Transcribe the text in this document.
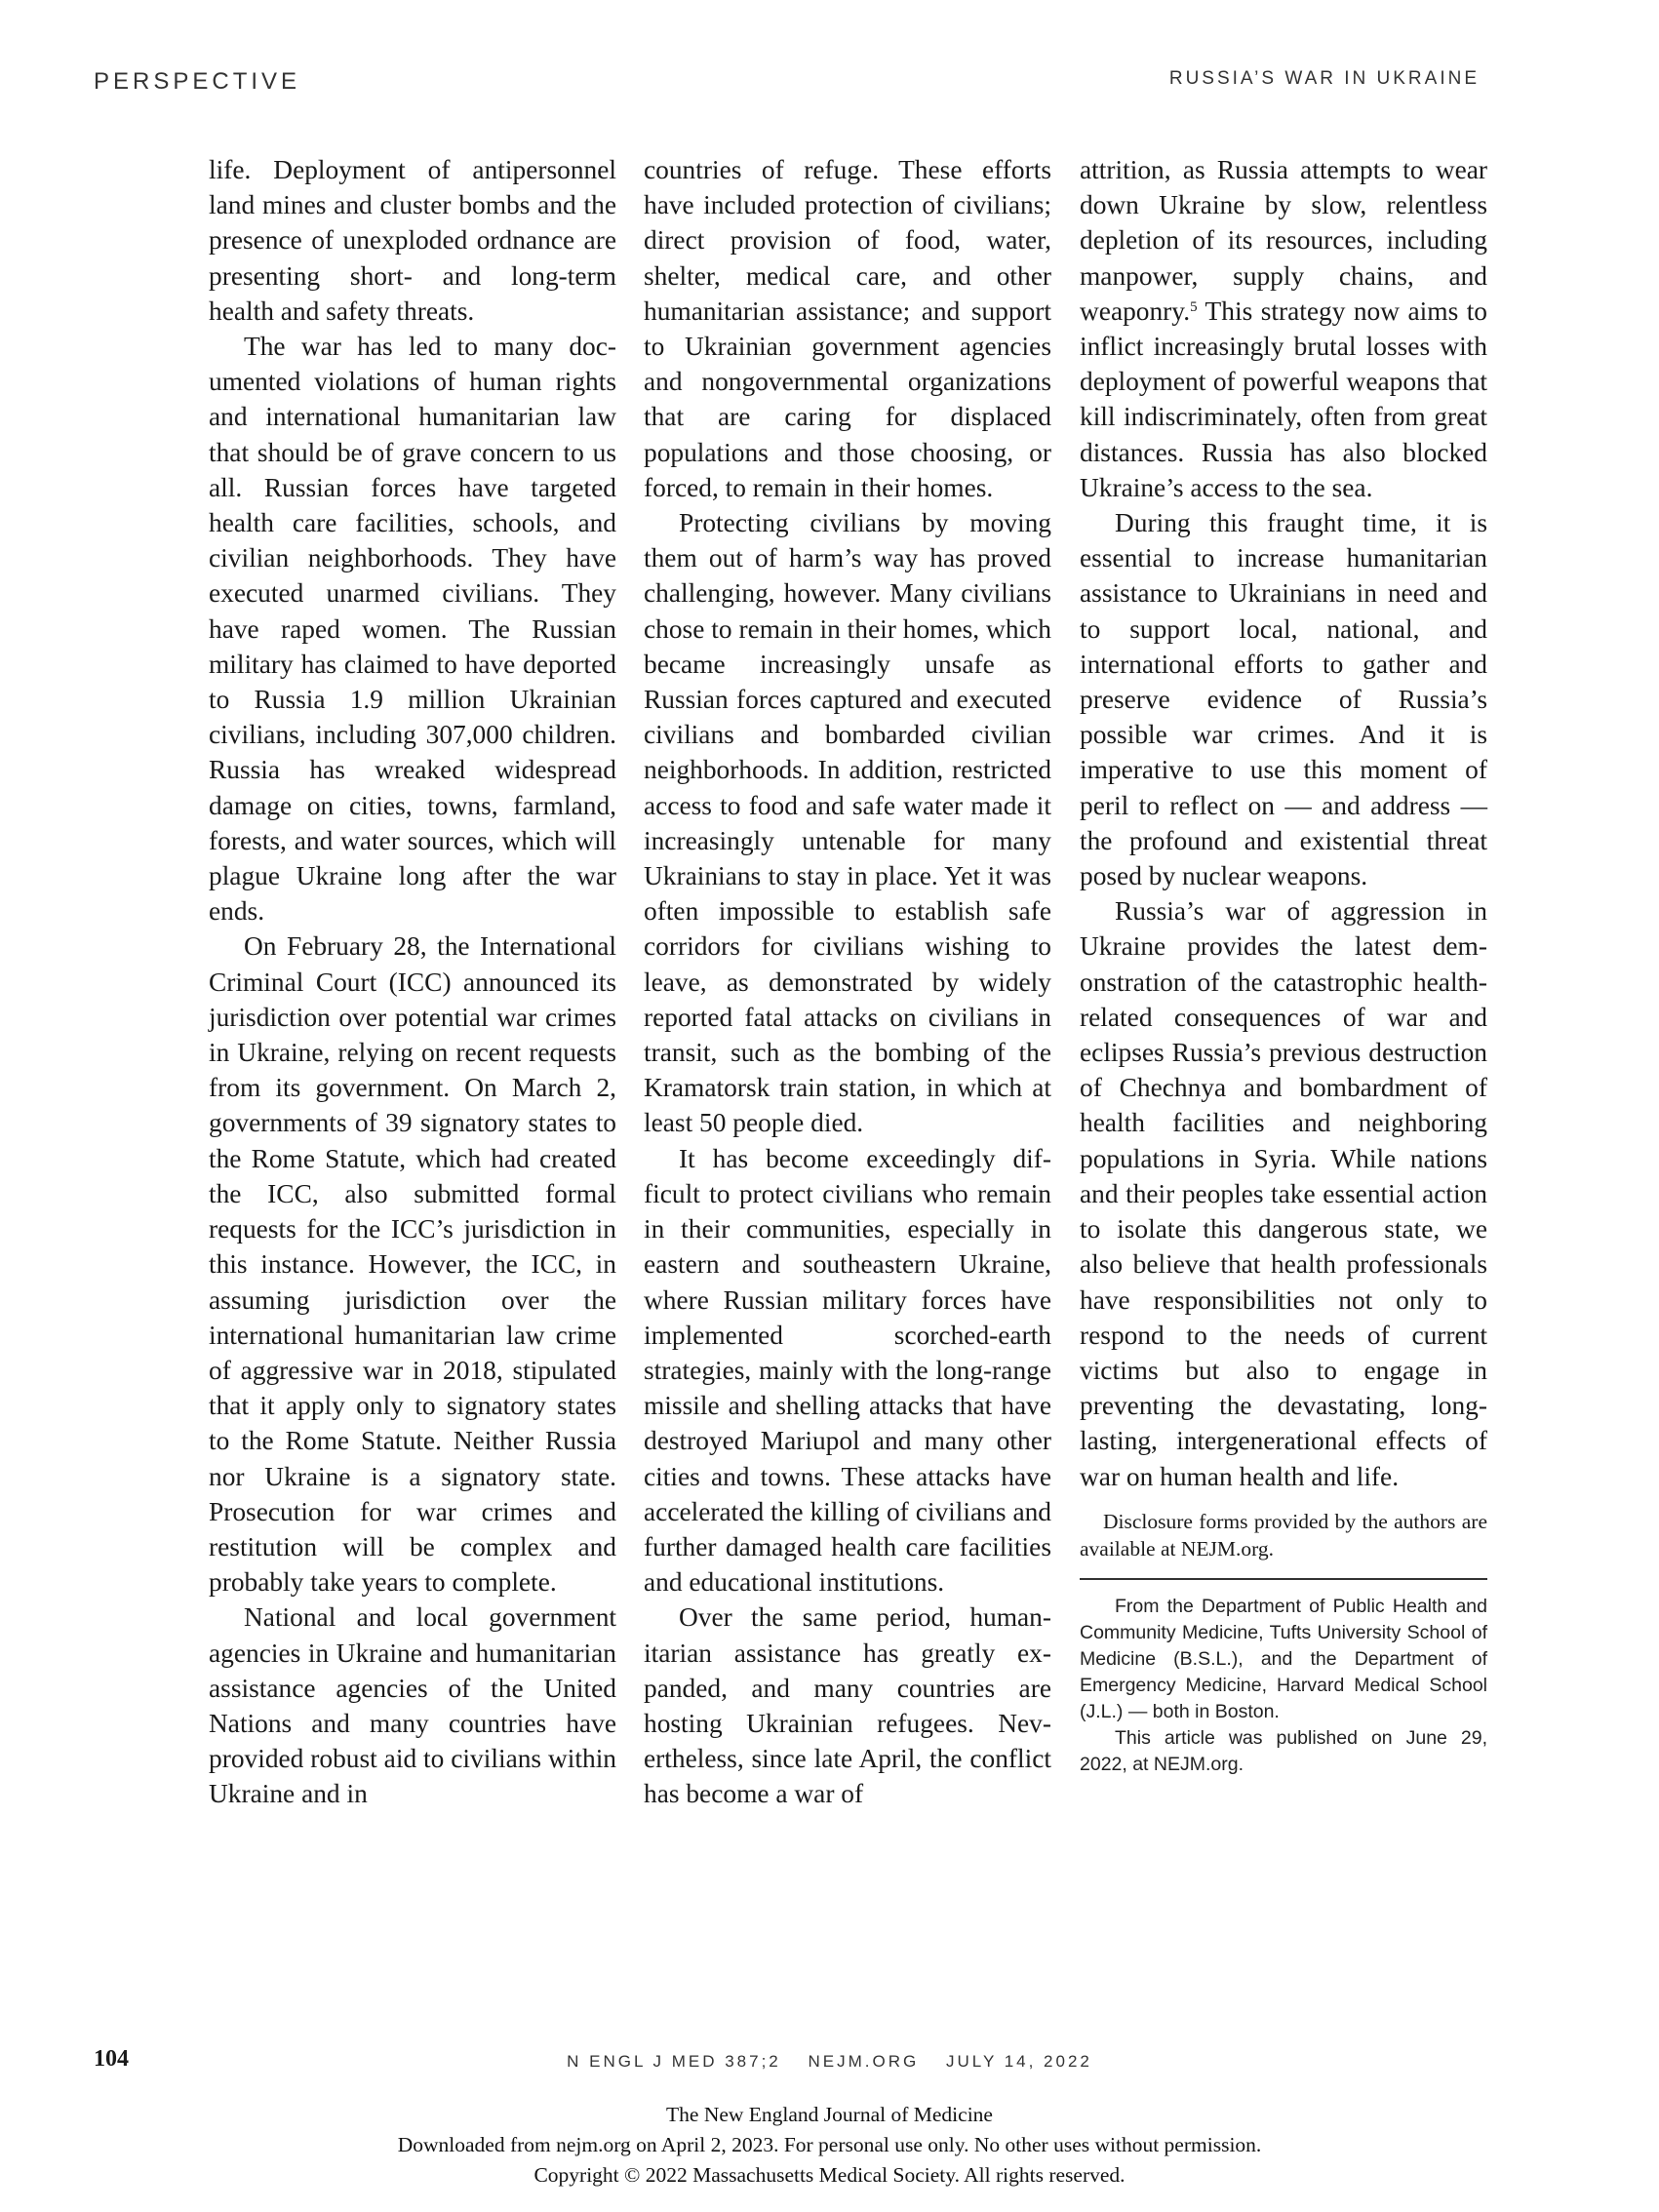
PERSPECTIVE	RUSSIA’S WAR IN UKRAINE

life. Deployment of antipersonnel land mines and cluster bombs and the presence of unexploded ordnance are presenting short- and long-term health and safety threats.

The war has led to many documented violations of human rights and international humanitarian law that should be of grave concern to us all. Russian forces have targeted health care facilities, schools, and civilian neighborhoods. They have executed unarmed civilians. They have raped women. The Russian military has claimed to have deported to Russia 1.9 million Ukrainian civilians, including 307,000 children. Russia has wreaked widespread damage on cities, towns, farmland, forests, and water sources, which will plague Ukraine long after the war ends.

On February 28, the International Criminal Court (ICC) announced its jurisdiction over potential war crimes in Ukraine, relying on recent requests from its government. On March 2, governments of 39 signatory states to the Rome Statute, which had created the ICC, also submitted formal requests for the ICC’s jurisdiction in this instance. However, the ICC, in assuming jurisdiction over the international humanitarian law crime of aggressive war in 2018, stipulated that it apply only to signatory states to the Rome Statute. Neither Russia nor Ukraine is a signatory state. Prosecution for war crimes and restitution will be complex and probably take years to complete.

National and local government agencies in Ukraine and humanitarian assistance agencies of the United Nations and many countries have provided robust aid to civilians within Ukraine and in

countries of refuge. These efforts have included protection of civilians; direct provision of food, water, shelter, medical care, and other humanitarian assistance; and support to Ukrainian government agencies and nongovernmental organizations that are caring for displaced populations and those choosing, or forced, to remain in their homes.

Protecting civilians by moving them out of harm’s way has proved challenging, however. Many civilians chose to remain in their homes, which became increasingly unsafe as Russian forces captured and executed civilians and bombarded civilian neighborhoods. In addition, restricted access to food and safe water made it increasingly untenable for many Ukrainians to stay in place. Yet it was often impossible to establish safe corridors for civilians wishing to leave, as demonstrated by widely reported fatal attacks on civilians in transit, such as the bombing of the Kramatorsk train station, in which at least 50 people died.

It has become exceedingly difficult to protect civilians who remain in their communities, especially in eastern and southeastern Ukraine, where Russian military forces have implemented scorched-earth strategies, mainly with the long-range missile and shelling attacks that have destroyed Mariupol and many other cities and towns. These attacks have accelerated the killing of civilians and further damaged health care facilities and educational institutions.

Over the same period, humanitarian assistance has greatly expanded, and many countries are hosting Ukrainian refugees. Nevertheless, since late April, the conflict has become a war of

attrition, as Russia attempts to wear down Ukraine by slow, relentless depletion of its resources, including manpower, supply chains, and weaponry.$^5$ This strategy now aims to inflict increasingly brutal losses with deployment of powerful weapons that kill indiscriminately, often from great distances. Russia has also blocked Ukraine’s access to the sea.

During this fraught time, it is essential to increase humanitarian assistance to Ukrainians in need and to support local, national, and international efforts to gather and preserve evidence of Russia’s possible war crimes. And it is imperative to use this moment of peril to reflect on — and address — the profound and existential threat posed by nuclear weapons.

Russia’s war of aggression in Ukraine provides the latest demonstration of the catastrophic health-related consequences of war and eclipses Russia’s previous destruction of Chechnya and bombardment of health facilities and neighboring populations in Syria. While nations and their peoples take essential action to isolate this dangerous state, we also believe that health professionals have responsibilities not only to respond to the needs of current victims but also to engage in preventing the devastating, long-lasting, intergenerational effects of war on human health and life.

Disclosure forms provided by the authors are available at NEJM.org.

From the Department of Public Health and Community Medicine, Tufts University School of Medicine (B.S.L.), and the Department of Emergency Medicine, Harvard Medical School (J.L.) — both in Boston.

This article was published on June 29, 2022, at NEJM.org.

104	N ENGL J MED 387;2 NEJM.ORG JULY 14, 2022
The New England Journal of Medicine
Downloaded from nejm.org on April 2, 2023. For personal use only. No other uses without permission.
Copyright © 2022 Massachusetts Medical Society. All rights reserved.
